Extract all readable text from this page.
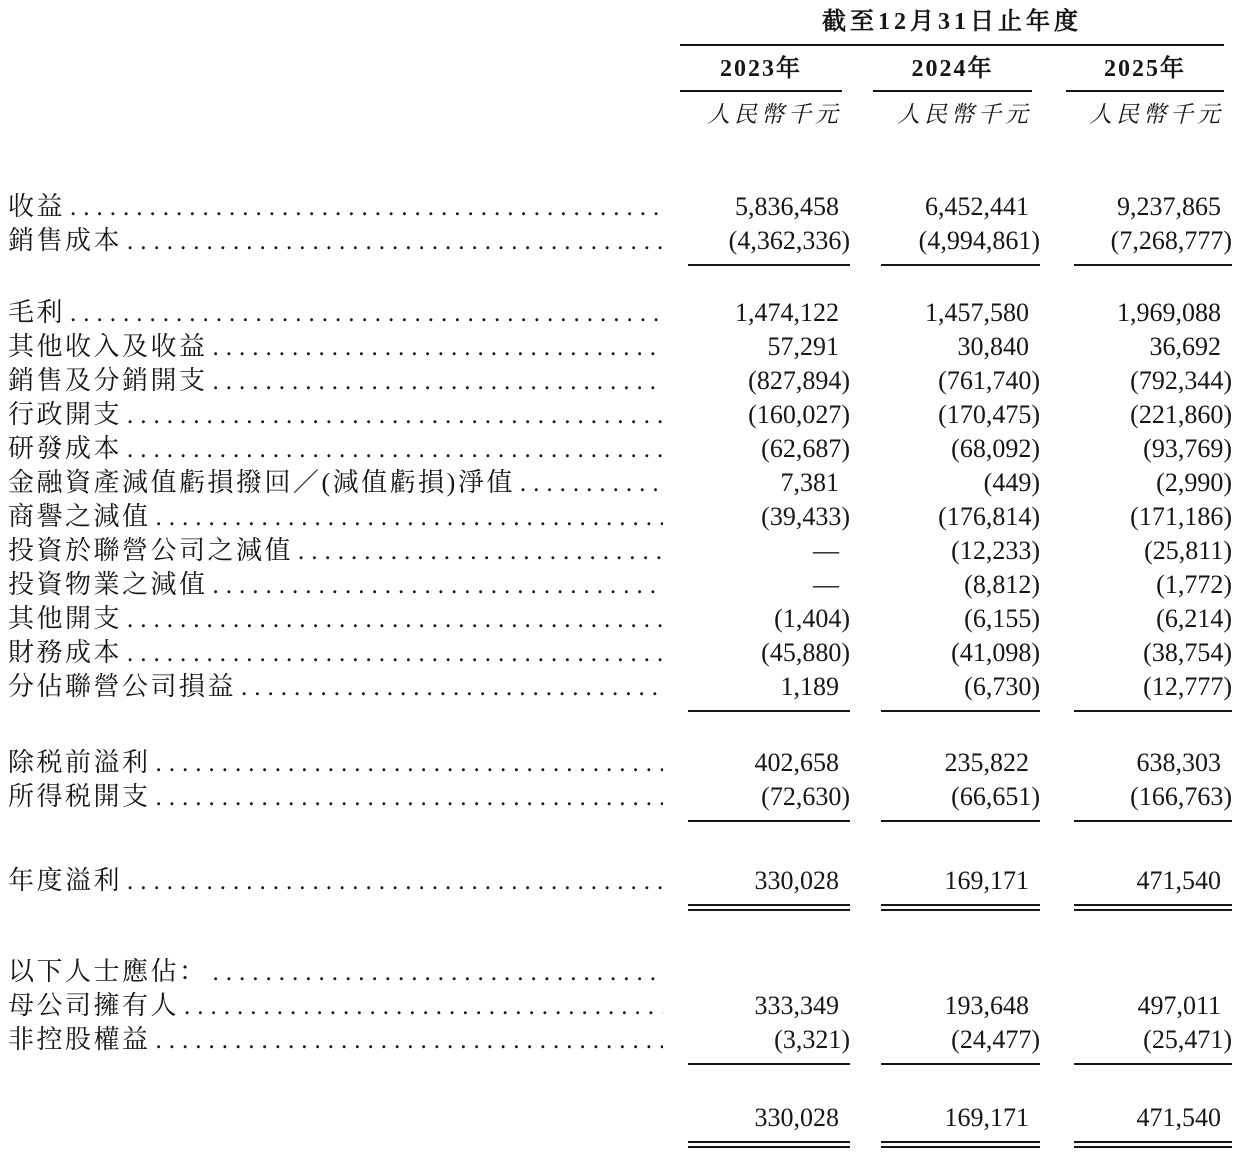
截至12月31日止年度
2023年	2024年	2025年
人民幣千元	人民幣千元	人民幣千元
收益 .....	5,836,458	6,452,441	9,237,865
銷售成本 .....	(4,362,336)	(4,994,861)	(7,268,777)
毛利 .....	1,474,122	1,457,580	1,969,088
其他收入及收益 .....	57,291	30,840	36,692
銷售及分銷開支 .....	(827,894)	(761,740)	(792,344)
行政開支 .....	(160,027)	(170,475)	(221,860)
研發成本 .....	(62,687)	(68,092)	(93,769)
金融資產減值虧損撥回／(減值虧損)淨值 .....	7,381	(449)	(2,990)
商譽之減值 .....	(39,433)	(176,814)	(171,186)
投資於聯營公司之減值 .....	—	(12,233)	(25,811)
投資物業之減值 .....	—	(8,812)	(1,772)
其他開支 .....	(1,404)	(6,155)	(6,214)
財務成本 .....	(45,880)	(41,098)	(38,754)
分佔聯營公司損益 .....	1,189	(6,730)	(12,777)
除税前溢利 .....	402,658	235,822	638,303
所得税開支 .....	(72,630)	(66,651)	(166,763)
年度溢利 .....	330,028	169,171	471,540
以下人士應佔：
.....
母公司擁有人 .....	333,349	193,648	497,011
非控股權益 .....	(3,321)	(24,477)	(25,471)
330,028	169,171	471,540
